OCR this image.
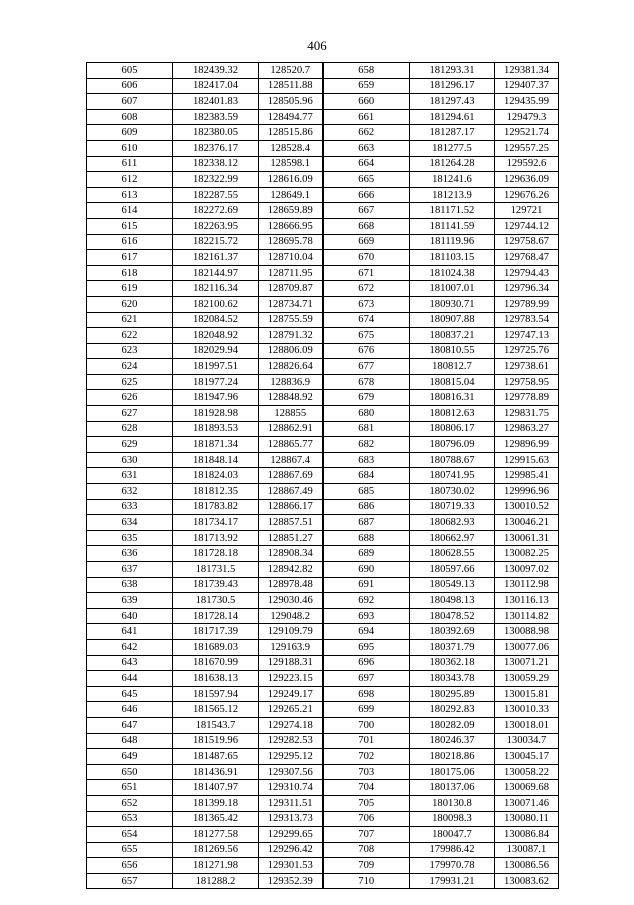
406
605	182439.32	128520.7	658	181293.31	129381.34
606	182417.04	128511.88	659	181296.17	129407.37
607	182401.83	128505.96	660	181297.43	129435.99
608	182383.59	128494.77	661	181294.61	129479.3
609	182380.05	128515.86	662	181287.17	129521.74
610	182376.17	128528.4	663	181277.5	129557.25
611	182338.12	128598.1	664	181264.28	129592.6
612	182322.99	128616.09	665	181241.6	129636.09
613	182287.55	128649.1	666	181213.9	129676.26
614	182272.69	128659.89	667	181171.52	129721
615	182263.95	128666.95	668	181141.59	129744.12
616	182215.72	128695.78	669	181119.96	129758.67
617	182161.37	128710.04	670	181103.15	129768.47
618	182144.97	128711.95	671	181024.38	129794.43
619	182116.34	128709.87	672	181007.01	129796.34
620	182100.62	128734.71	673	180930.71	129789.99
621	182084.52	128755.59	674	180907.88	129783.54
622	182048.92	128791.32	675	180837.21	129747.13
623	182029.94	128806.09	676	180810.55	129725.76
624	181997.51	128826.64	677	180812.7	129738.61
625	181977.24	128836.9	678	180815.04	129758.95
626	181947.96	128848.92	679	180816.31	129778.89
627	181928.98	128855	680	180812.63	129831.75
628	181893.53	128862.91	681	180806.17	129863.27
629	181871.34	128865.77	682	180796.09	129896.99
630	181848.14	128867.4	683	180788.67	129915.63
631	181824.03	128867.69	684	180741.95	129985.41
632	181812.35	128867.49	685	180730.02	129996.96
633	181783.82	128866.17	686	180719.33	130010.52
634	181734.17	128857.51	687	180682.93	130046.21
635	181713.92	128851.27	688	180662.97	130061.31
636	181728.18	128908.34	689	180628.55	130082.25
637	181731.5	128942.82	690	180597.66	130097.02
638	181739.43	128978.48	691	180549.13	130112.98
639	181730.5	129030.46	692	180498.13	130116.13
640	181728.14	129048.2	693	180478.52	130114.82
641	181717.39	129109.79	694	180392.69	130088.98
642	181689.03	129163.9	695	180371.79	130077.06
643	181670.99	129188.31	696	180362.18	130071.21
644	181638.13	129223.15	697	180343.78	130059.29
645	181597.94	129249.17	698	180295.89	130015.81
646	181565.12	129265.21	699	180292.83	130010.33
647	181543.7	129274.18	700	180282.09	130018.01
648	181519.96	129282.53	701	180246.37	130034.7
649	181487.65	129295.12	702	180218.86	130045.17
650	181436.91	129307.56	703	180175.06	130058.22
651	181407.97	129310.74	704	180137.06	130069.68
652	181399.18	129311.51	705	180130.8	130071.46
653	181365.42	129313.73	706	180098.3	130080.11
654	181277.58	129299.65	707	180047.7	130086.84
655	181269.56	129296.42	708	179986.42	130087.1
656	181271.98	129301.53	709	179970.78	130086.56
657	181288.2	129352.39	710	179931.21	130083.62
